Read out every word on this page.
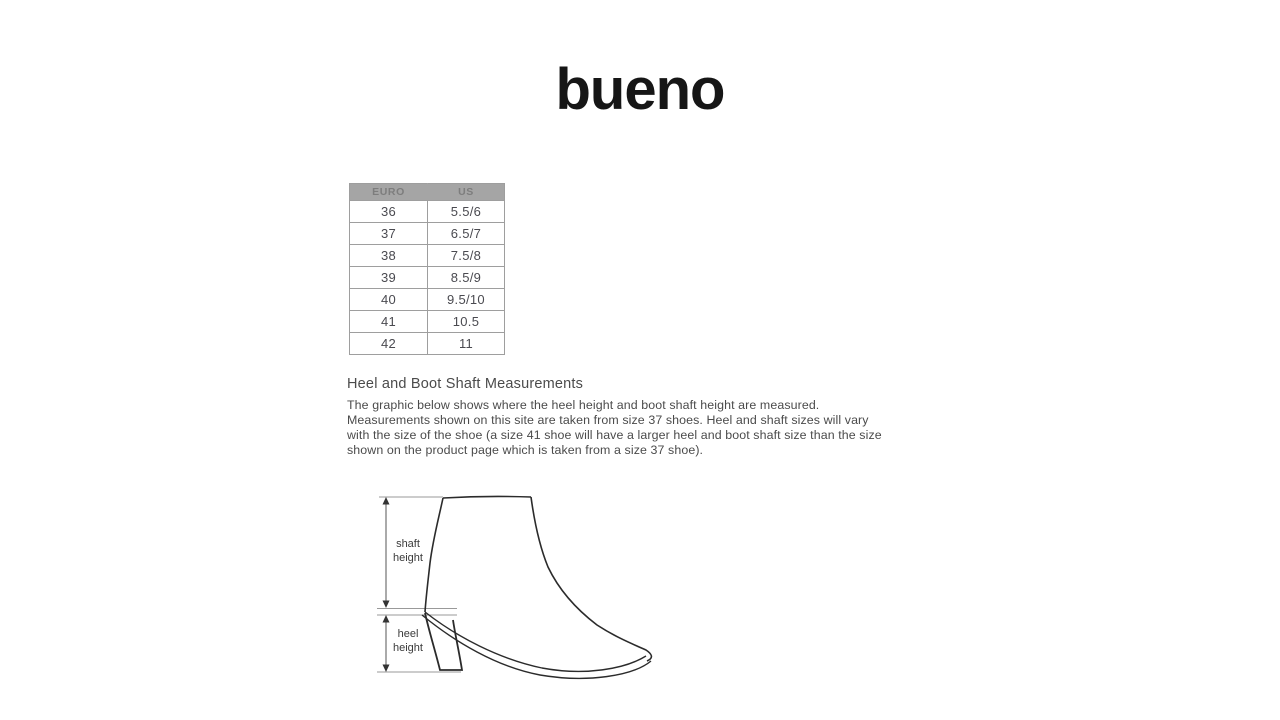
bueno
EURO	US
36	5.5/6
37	6.5/7
38	7.5/8
39	8.5/9
40	9.5/10
41	10.5
42	11
Heel and Boot Shaft Measurements
The graphic below shows where the heel height and boot shaft height are measured.
Measurements shown on this site are taken from size 37 shoes. Heel and shaft sizes will vary
with the size of the shoe (a size 41 shoe will have a larger heel and boot shaft size than the size
shown on the product page which is taken from a size 37 shoe).
shaft
height
heel
height
